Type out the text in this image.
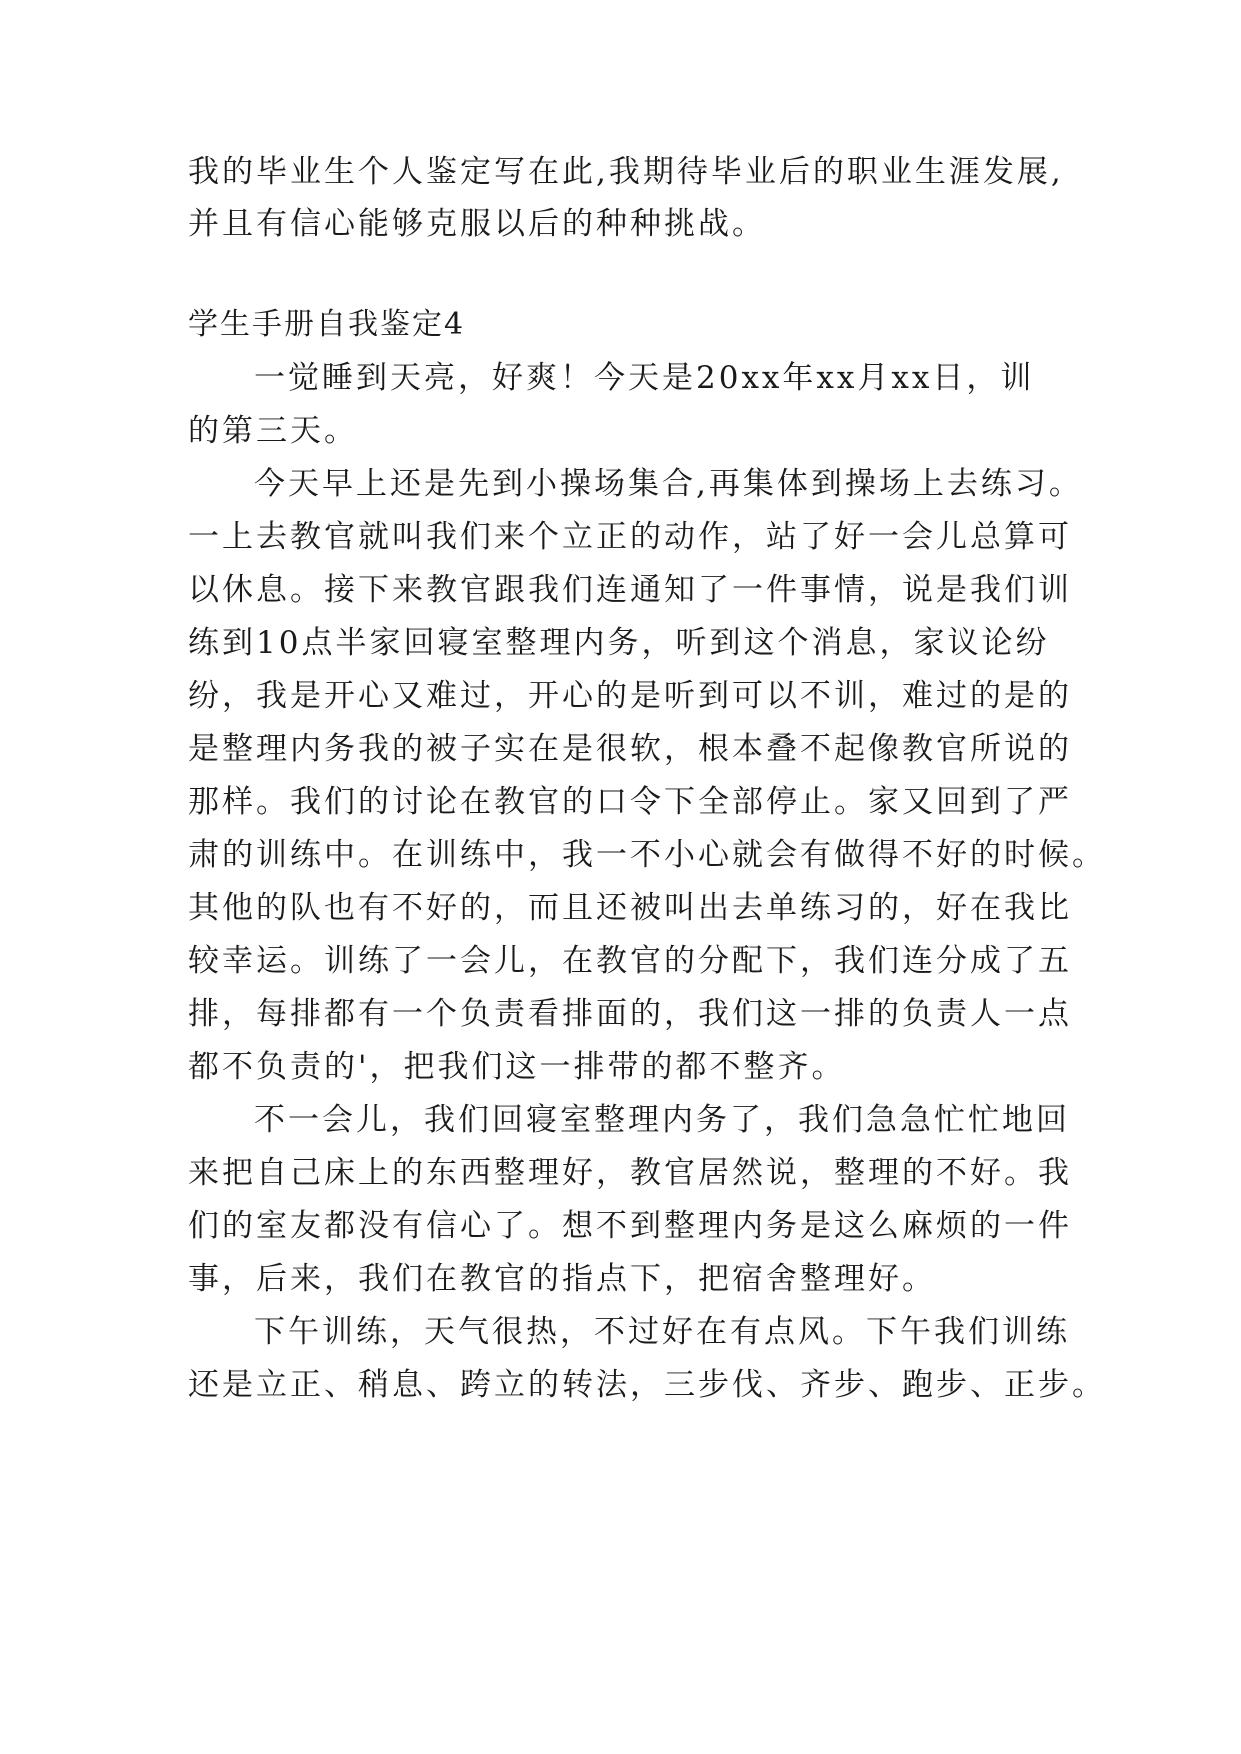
我的毕业生个人鉴定写在此,我期待毕业后的职业生涯发展,

并且有信心能够克服以后的种种挑战。

学生手册自我鉴定4

一觉睡到天亮，好爽！今天是20xx年xx月xx日，训

的第三天。

今天早上还是先到小操场集合,再集体到操场上去练习。

一上去教官就叫我们来个立正的动作，站了好一会儿总算可

以休息。接下来教官跟我们连通知了一件事情，说是我们训

练到10点半家回寝室整理内务，听到这个消息，家议论纷

纷，我是开心又难过，开心的是听到可以不训，难过的是的

是整理内务我的被子实在是很软，根本叠不起像教官所说的

那样。我们的讨论在教官的口令下全部停止。家又回到了严

肃的训练中。在训练中，我一不小心就会有做得不好的时候。

其他的队也有不好的，而且还被叫出去单练习的，好在我比

较幸运。训练了一会儿，在教官的分配下，我们连分成了五

排，每排都有一个负责看排面的，我们这一排的负责人一点

都不负责的'，把我们这一排带的都不整齐。

不一会儿，我们回寝室整理内务了，我们急急忙忙地回

来把自己床上的东西整理好，教官居然说，整理的不好。我

们的室友都没有信心了。想不到整理内务是这么麻烦的一件

事，后来，我们在教官的指点下，把宿舍整理好。

下午训练，天气很热，不过好在有点风。下午我们训练

还是立正、稍息、跨立的转法，三步伐、齐步、跑步、正步。
